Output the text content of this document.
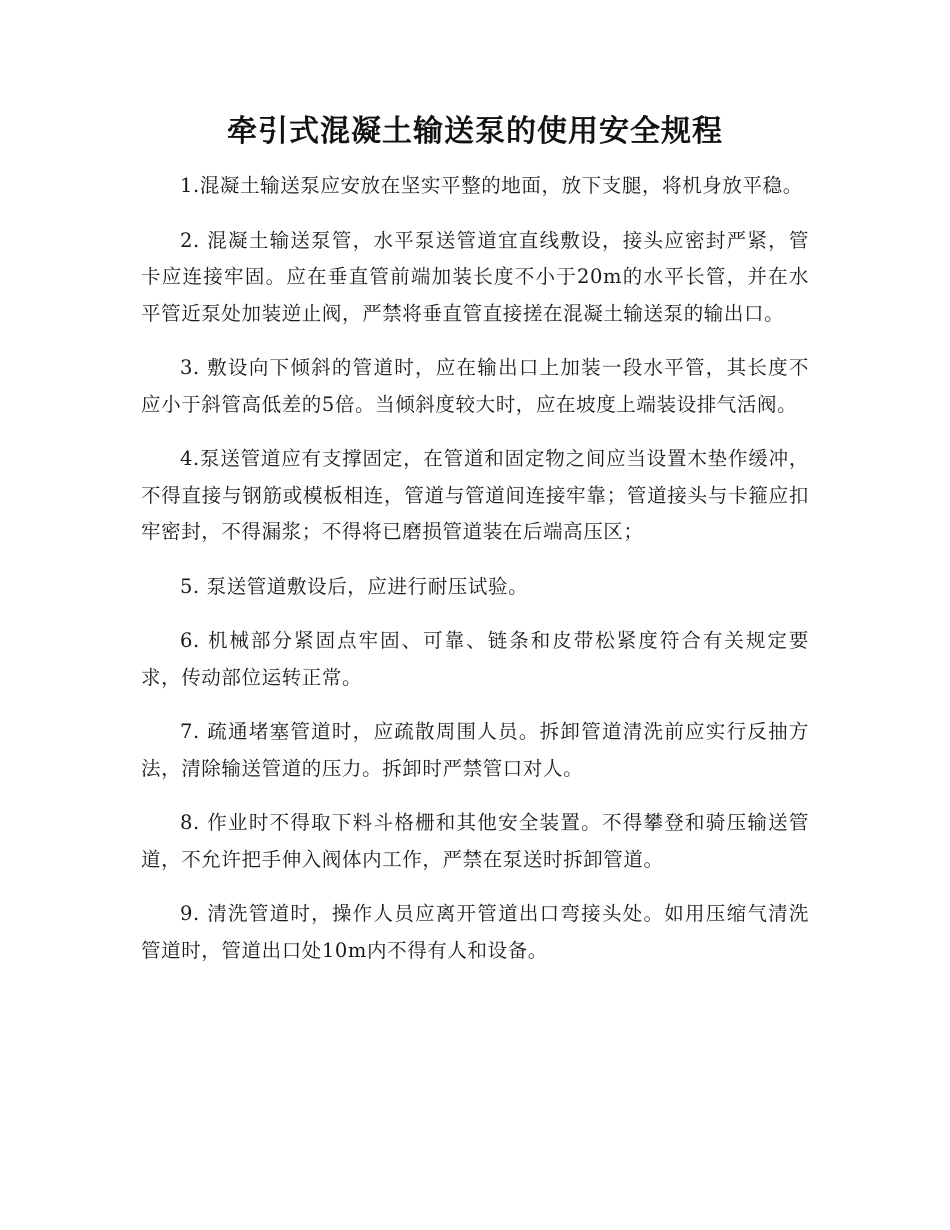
牵引式混凝土输送泵的使用安全规程

1.混凝土输送泵应安放在坚实平整的地面，放下支腿，将机身放平稳。

2. 混凝土输送泵管，水平泵送管道宜直线敷设，接头应密封严紧，管卡应连接牢固。应在垂直管前端加装长度不小于20m的水平长管，并在水平管近泵处加装逆止阀，严禁将垂直管直接搓在混凝土输送泵的输出口。

3. 敷设向下倾斜的管道时，应在输出口上加装一段水平管，其长度不应小于斜管高低差的5倍。当倾斜度较大时，应在坡度上端装设排气活阀。

4.泵送管道应有支撑固定，在管道和固定物之间应当设置木垫作缓冲，不得直接与钢筋或模板相连，管道与管道间连接牢靠；管道接头与卡箍应扣牢密封，不得漏浆；不得将已磨损管道装在后端高压区；

5. 泵送管道敷设后，应进行耐压试验。

6. 机械部分紧固点牢固、可靠、链条和皮带松紧度符合有关规定要求，传动部位运转正常。

7. 疏通堵塞管道时，应疏散周围人员。拆卸管道清洗前应实行反抽方法，清除输送管道的压力。拆卸时严禁管口对人。

8. 作业时不得取下料斗格栅和其他安全装置。不得攀登和骑压输送管道，不允许把手伸入阀体内工作，严禁在泵送时拆卸管道。

9. 清洗管道时，操作人员应离开管道出口弯接头处。如用压缩气清洗管道时，管道出口处10m内不得有人和设备。
